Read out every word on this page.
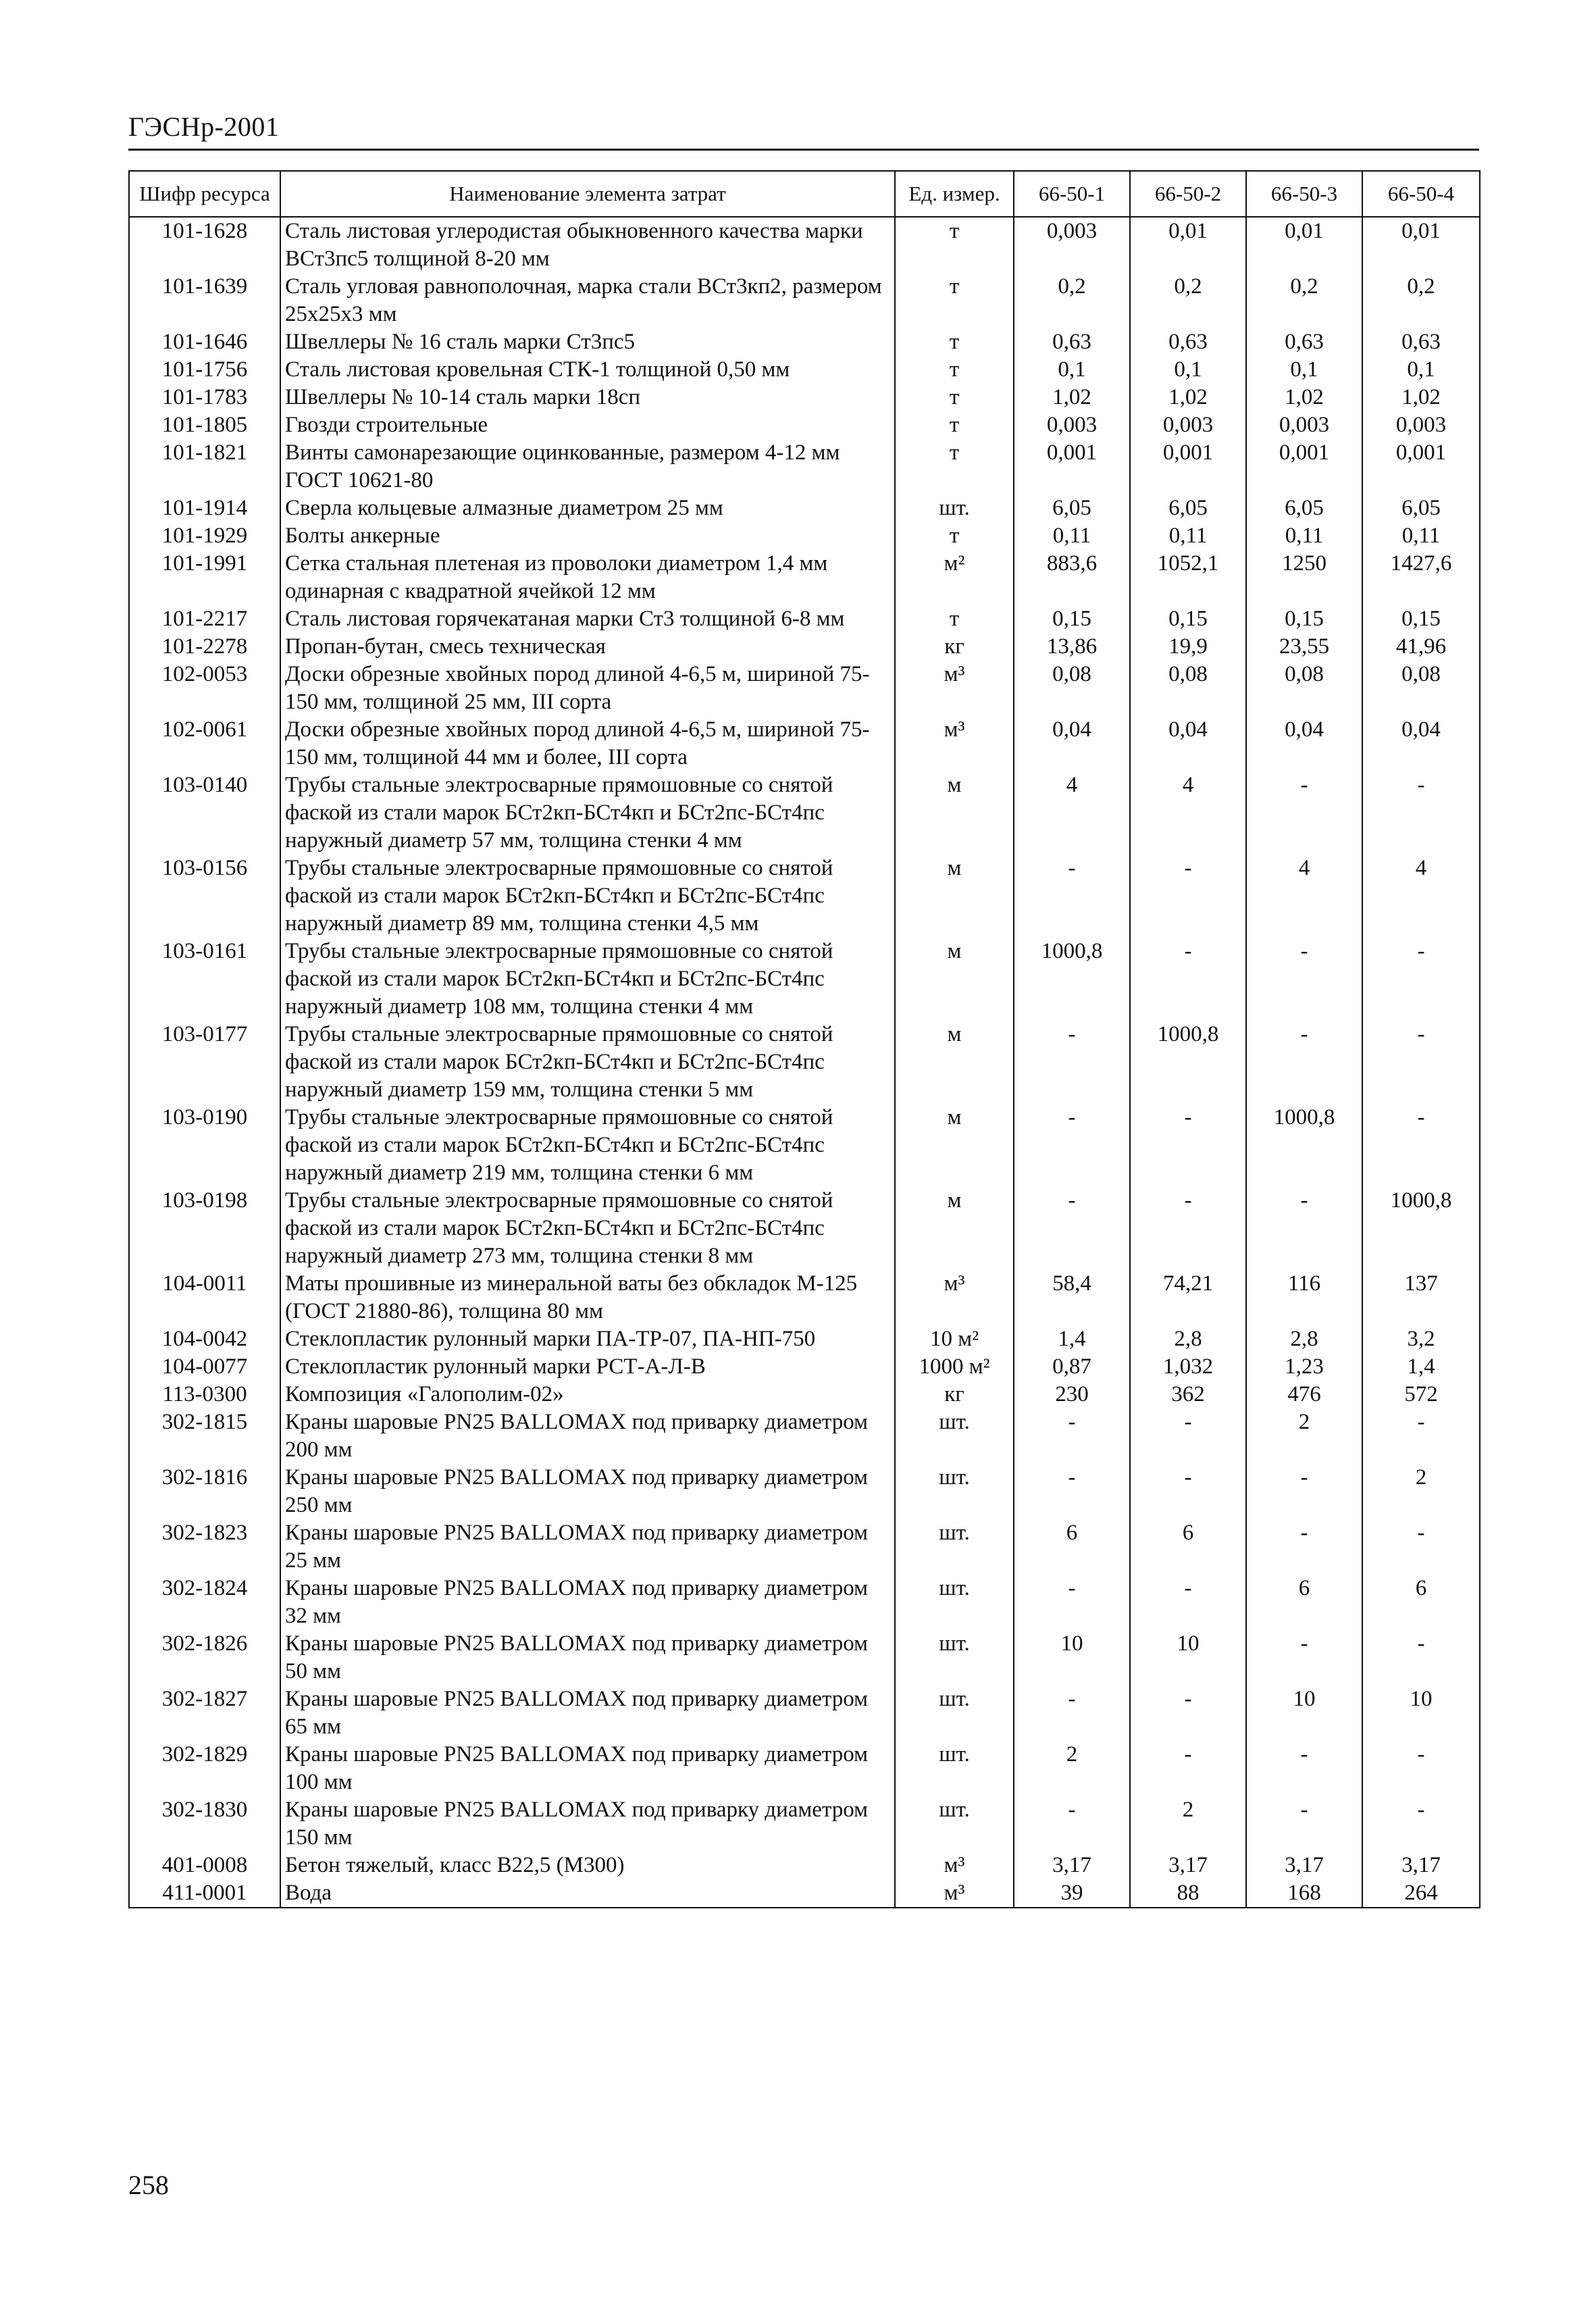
ГЭСНр-2001
Шифр ресурса	Наименование элемента затрат	Ед. измер.	66-50-1	66-50-2	66-50-3	66-50-4
101-1628	Сталь листовая углеродистая обыкновенного качества марки ВСт3пс5 толщиной 8-20 мм	т	0,003	0,01	0,01	0,01
101-1639	Сталь угловая равнополочная, марка стали ВСт3кп2, размером 25х25х3 мм	т	0,2	0,2	0,2	0,2
101-1646	Швеллеры № 16 сталь марки Ст3пс5	т	0,63	0,63	0,63	0,63
101-1756	Сталь листовая кровельная СТК-1 толщиной 0,50 мм	т	0,1	0,1	0,1	0,1
101-1783	Швеллеры № 10-14 сталь марки 18сп	т	1,02	1,02	1,02	1,02
101-1805	Гвозди строительные	т	0,003	0,003	0,003	0,003
101-1821	Винты самонарезающие оцинкованные, размером 4-12 мм ГОСТ 10621-80	т	0,001	0,001	0,001	0,001
101-1914	Сверла кольцевые алмазные диаметром 25 мм	шт.	6,05	6,05	6,05	6,05
101-1929	Болты анкерные	т	0,11	0,11	0,11	0,11
101-1991	Сетка стальная плетеная из проволоки диаметром 1,4 мм одинарная с квадратной ячейкой 12 мм	м²	883,6	1052,1	1250	1427,6
101-2217	Сталь листовая горячекатаная марки Ст3 толщиной 6-8 мм	т	0,15	0,15	0,15	0,15
101-2278	Пропан-бутан, смесь техническая	кг	13,86	19,9	23,55	41,96
102-0053	Доски обрезные хвойных пород длиной 4-6,5 м, шириной 75-150 мм, толщиной 25 мм, III сорта	м³	0,08	0,08	0,08	0,08
102-0061	Доски обрезные хвойных пород длиной 4-6,5 м, шириной 75-150 мм, толщиной 44 мм и более, III сорта	м³	0,04	0,04	0,04	0,04
103-0140	Трубы стальные электросварные прямошовные со снятой фаской из стали марок БСт2кп-БСт4кп и БСт2пс-БСт4пс наружный диаметр 57 мм, толщина стенки 4 мм	м	4	4	-	-
103-0156	Трубы стальные электросварные прямошовные со снятой фаской из стали марок БСт2кп-БСт4кп и БСт2пс-БСт4пс наружный диаметр 89 мм, толщина стенки 4,5 мм	м	-	-	4	4
103-0161	Трубы стальные электросварные прямошовные со снятой фаской из стали марок БСт2кп-БСт4кп и БСт2пс-БСт4пс наружный диаметр 108 мм, толщина стенки 4 мм	м	1000,8	-	-	-
103-0177	Трубы стальные электросварные прямошовные со снятой фаской из стали марок БСт2кп-БСт4кп и БСт2пс-БСт4пс наружный диаметр 159 мм, толщина стенки 5 мм	м	-	1000,8	-	-
103-0190	Трубы стальные электросварные прямошовные со снятой фаской из стали марок БСт2кп-БСт4кп и БСт2пс-БСт4пс наружный диаметр 219 мм, толщина стенки 6 мм	м	-	-	1000,8	-
103-0198	Трубы стальные электросварные прямошовные со снятой фаской из стали марок БСт2кп-БСт4кп и БСт2пс-БСт4пс наружный диаметр 273 мм, толщина стенки 8 мм	м	-	-	-	1000,8
104-0011	Маты прошивные из минеральной ваты без обкладок М-125 (ГОСТ 21880-86), толщина 80 мм	м³	58,4	74,21	116	137
104-0042	Стеклопластик рулонный марки ПА-ТР-07, ПА-НП-750	10 м²	1,4	2,8	2,8	3,2
104-0077	Стеклопластик рулонный марки РСТ-А-Л-В	1000 м²	0,87	1,032	1,23	1,4
113-0300	Композиция «Галополим-02»	кг	230	362	476	572
302-1815	Краны шаровые PN25 BALLOMAX под приварку диаметром 200 мм	шт.	-	-	2	-
302-1816	Краны шаровые PN25 BALLOMAX под приварку диаметром 250 мм	шт.	-	-	-	2
302-1823	Краны шаровые PN25 BALLOMAX под приварку диаметром 25 мм	шт.	6	6	-	-
302-1824	Краны шаровые PN25 BALLOMAX под приварку диаметром 32 мм	шт.	-	-	6	6
302-1826	Краны шаровые PN25 BALLOMAX под приварку диаметром 50 мм	шт.	10	10	-	-
302-1827	Краны шаровые PN25 BALLOMAX под приварку диаметром 65 мм	шт.	-	-	10	10
302-1829	Краны шаровые PN25 BALLOMAX под приварку диаметром 100 мм	шт.	2	-	-	-
302-1830	Краны шаровые PN25 BALLOMAX под приварку диаметром 150 мм	шт.	-	2	-	-
401-0008	Бетон тяжелый, класс В22,5 (М300)	м³	3,17	3,17	3,17	3,17
411-0001	Вода	м³	39	88	168	264
258
